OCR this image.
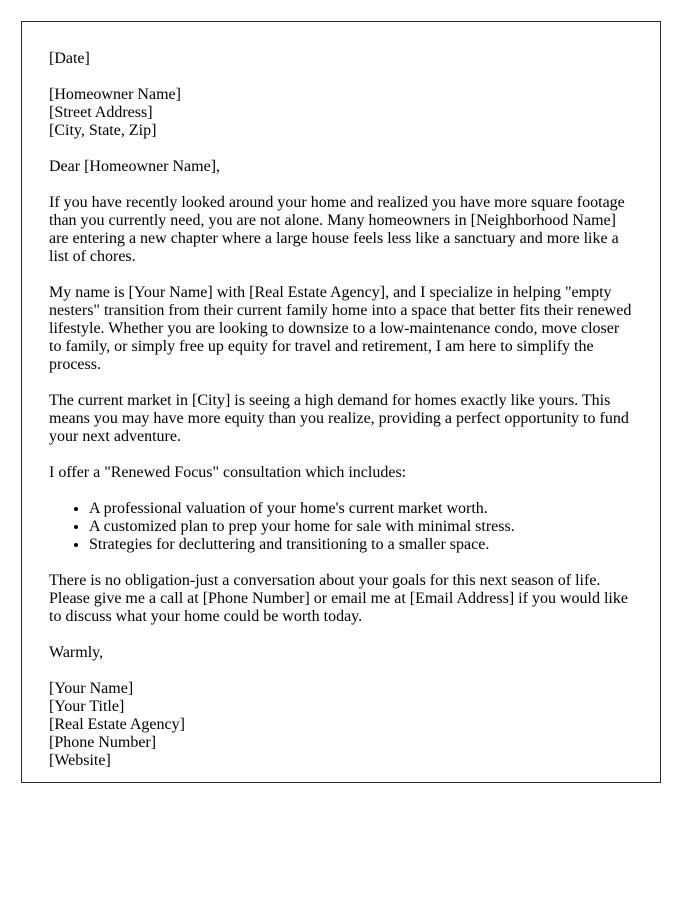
[Date]

[Homeowner Name]
[Street Address]
[City, State, Zip]

Dear [Homeowner Name],

If you have recently looked around your home and realized you have more square footage than you currently need, you are not alone. Many homeowners in [Neighborhood Name] are entering a new chapter where a large house feels less like a sanctuary and more like a list of chores.

My name is [Your Name] with [Real Estate Agency], and I specialize in helping "empty nesters" transition from their current family home into a space that better fits their renewed lifestyle. Whether you are looking to downsize to a low-maintenance condo, move closer to family, or simply free up equity for travel and retirement, I am here to simplify the process.

The current market in [City] is seeing a high demand for homes exactly like yours. This means you may have more equity than you realize, providing a perfect opportunity to fund your next adventure.

I offer a "Renewed Focus" consultation which includes:

• A professional valuation of your home's current market worth.
• A customized plan to prep your home for sale with minimal stress.
• Strategies for decluttering and transitioning to a smaller space.

There is no obligation-just a conversation about your goals for this next season of life. Please give me a call at [Phone Number] or email me at [Email Address] if you would like to discuss what your home could be worth today.

Warmly,

[Your Name]
[Your Title]
[Real Estate Agency]
[Phone Number]
[Website]
